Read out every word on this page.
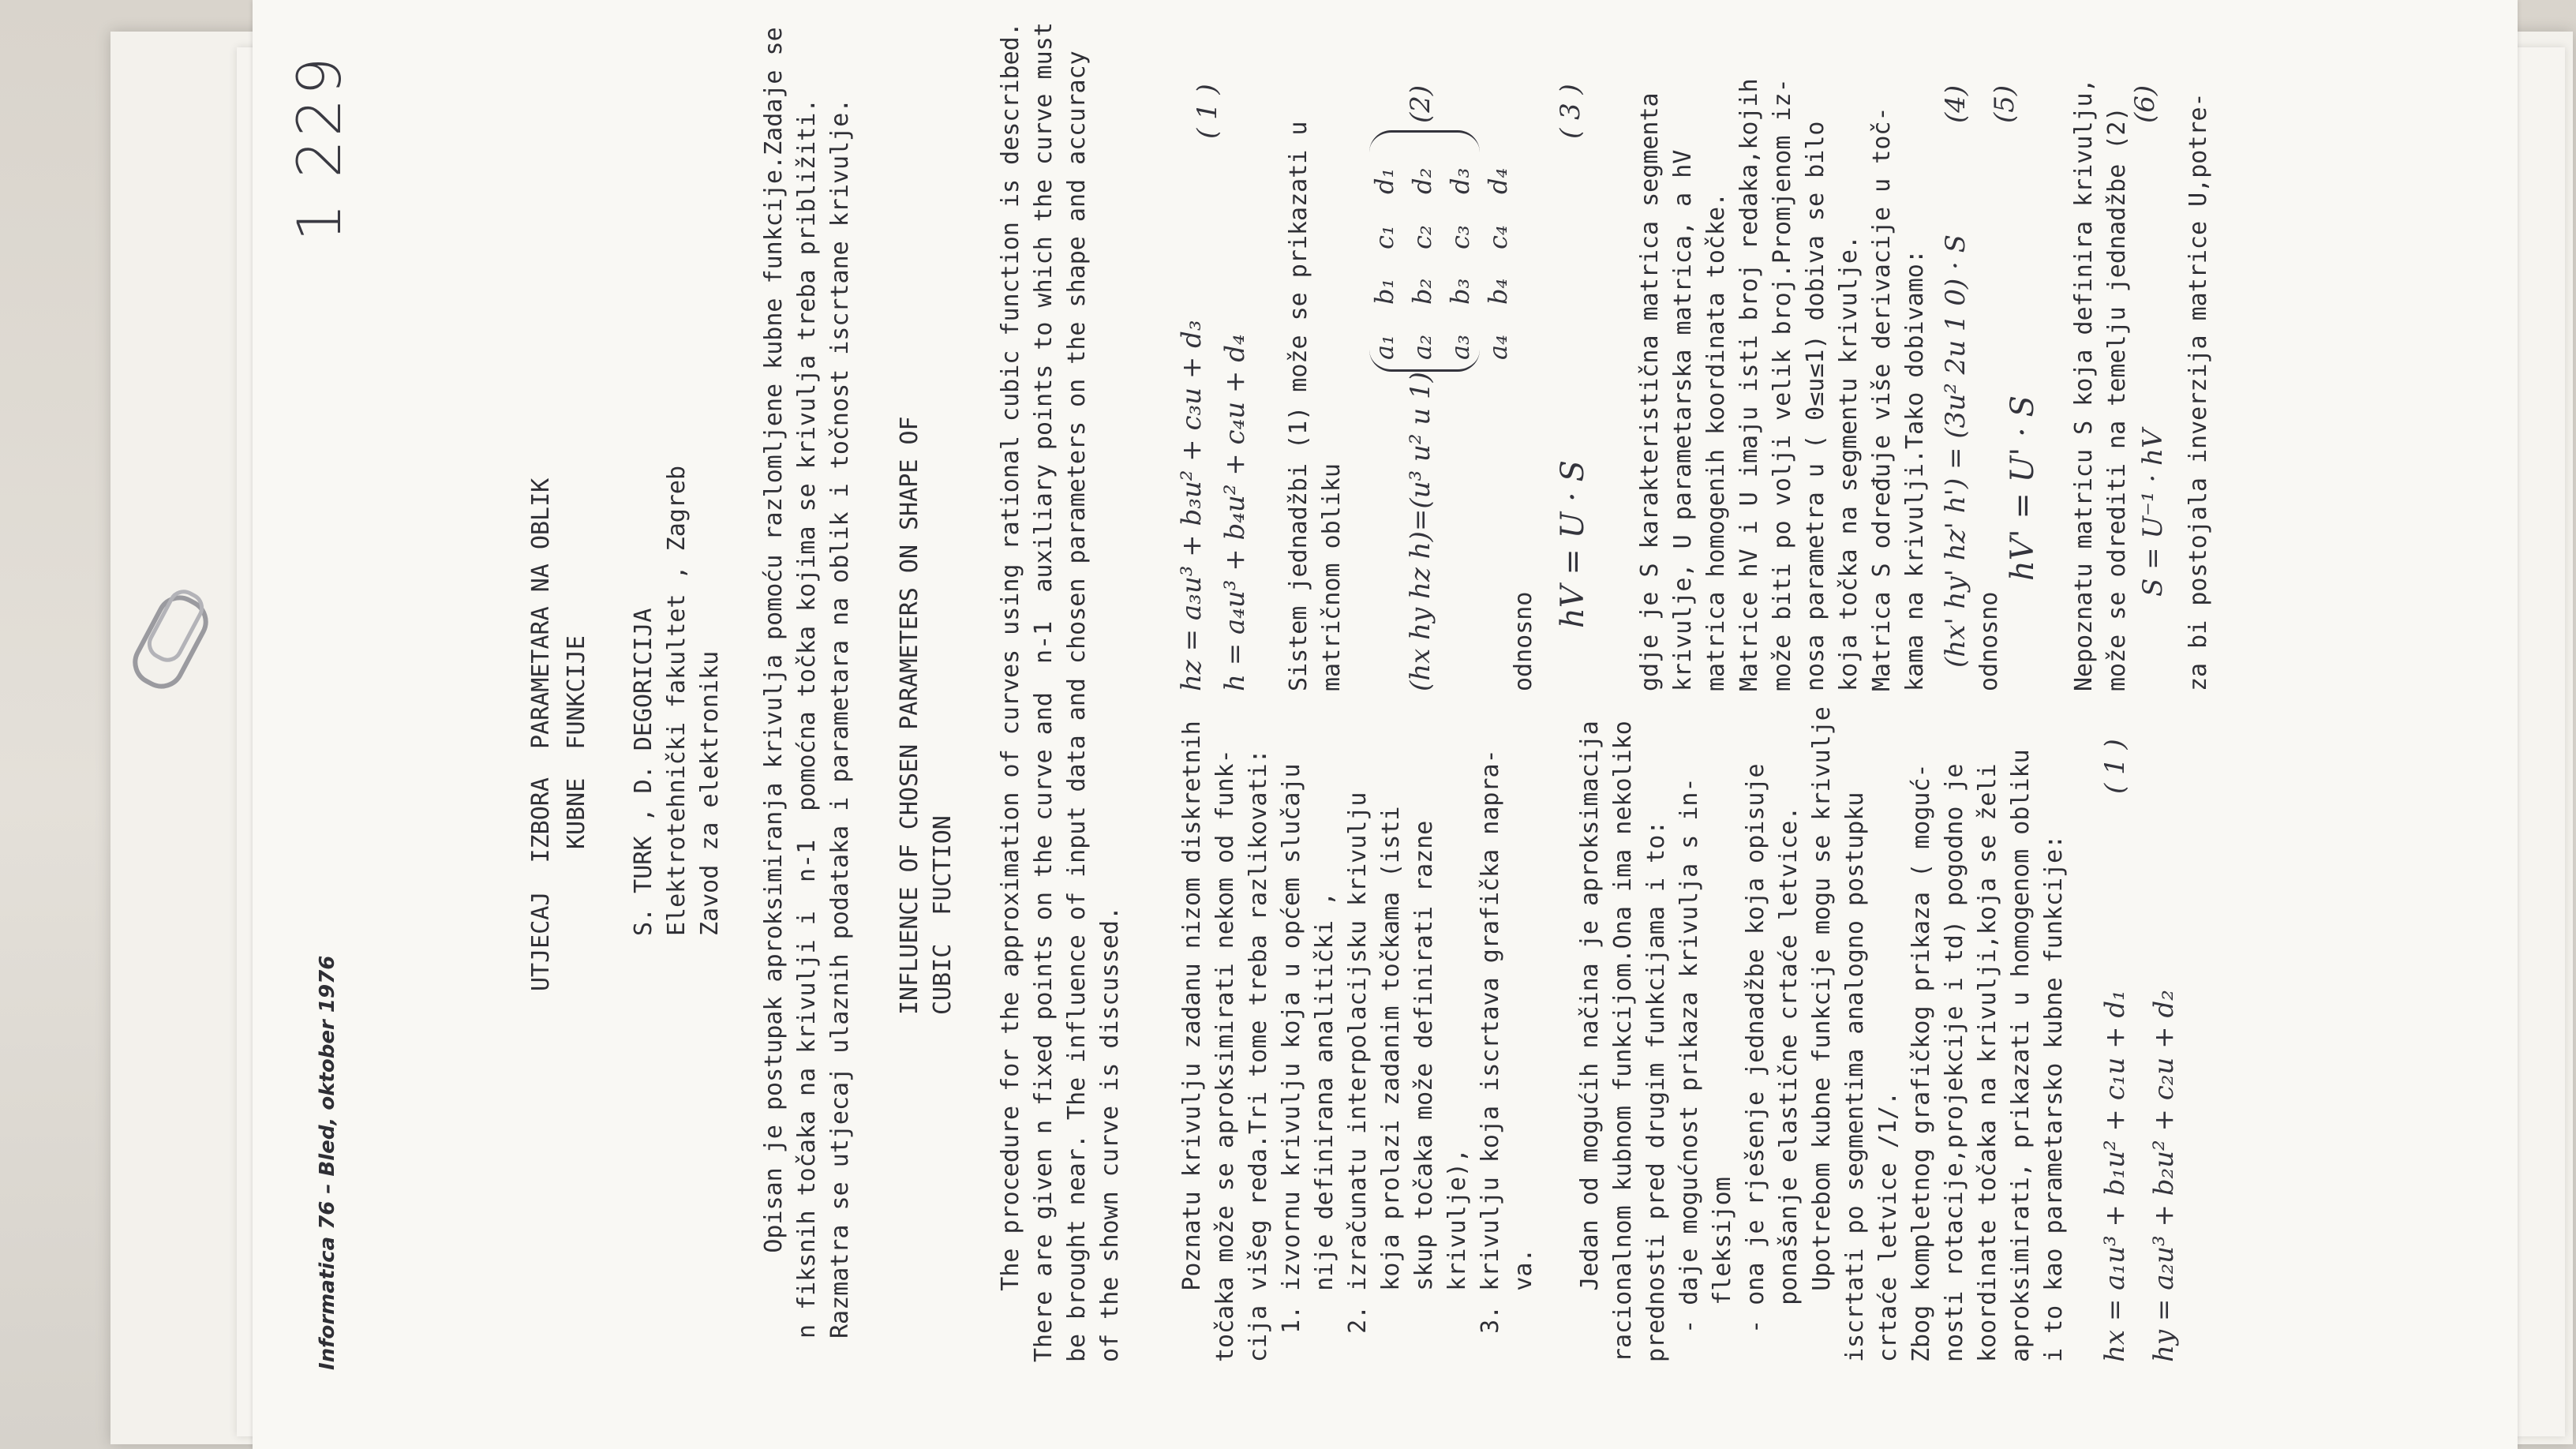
Informatica 76 – Bled, oktober 1976
1 229
UTJECAJ  IZBORA  PARAMETARA NA OBLIK KUBNE  FUNKCIJE S. TURK , D. DEGORICIJA Elektrotehnički fakultet , Zagreb Zavod za elektroniku Opisan je postupak aproksimiranja krivulja pomoću razlomljene kubne funkcije.Zadaje se n fiksnih točaka na krivulji i  n-1  pomoćna točka kojima se krivulja treba približiti. Razmatra se utjecaj ulaznih podataka i parametara na oblik i točnost iscrtane krivulje. INFLUENCE OF CHOSEN PARAMETERS ON SHAPE OF CUBIC  FUCTION The procedure for the approximation of curves using rational cubic function is described. There are given n fixed points on the curve and  n-1  auxiliary points to which the curve must be brought near. The influence of input data and chosen parameters on the shape and accuracy of the shown curve is discussed. Poznatu krivulju zadanu nizom diskretnih točaka može se aproksimirati nekom od funk- cija višeg reda.Tri tome treba razlikovati: 1. izvornu krivulju koja u općem slučaju nije definirana analitički , 2. izračunatu interpolacijsku krivulju koja prolazi zadanim točkama (isti skup točaka može definirati razne krivulje), 3. krivulju koja iscrtava grafička napra- va. Jedan od mogućih načina je aproksimacija racionalnom kubnom funkcijom.Ona ima nekoliko prednosti pred drugim funkcijama i to: - daje mogućnost prikaza krivulja s in- fleksijom - ona je rješenje jednadžbe koja opisuje ponašanje elastične crtaće letvice. Upotrebom kubne funkcije mogu se krivulje iscrtati po segmentima analogno postupku crtaće letvice /1/. Zbog kompletnog grafičkog prikaza ( moguć- nosti rotacije,projekcije i td) pogodno je koordinate točaka na krivulji,koja se želi aproksimirati, prikazati u homogenom obliku i to kao parametarsko kubne funkcije: hx = a₁u³ + b₁u² + c₁u + d₁ hy = a₂u³ + b₂u² + c₂u + d₂
( 1 )
hz = a₃u³ + b₃u² + c₃u + d₃ h = a₄u³ + b₄u² + c₄u + d₄
( 1 )
Sistem jednadžbi (1) može se prikazati u matričnom obliku (hx hy hz h)=(u³ u² u 1)
a₁
b₁
c₁
d₁
a₂
b₂
c₂
d₂
a₃
b₃
c₃
d₃
a₄
b₄
c₄
d₄
(2)
odnosno
hV = U · S
( 3 ) gdje je S karakteristična matrica segmenta krivulje, U parametarska matrica, a hV matrica homogenih koordinata točke. Matrice hV i U imaju isti broj redaka,kojih može biti po volji velik broj.Promjenom iz- nosa parametra u ( 0≤u≤1) dobiva se bilo koja točka na segmentu krivulje. Matrica S određuje više derivacije u toč- kama na krivulji.Tako dobivamo: (hx' hy' hz' h') = (3u² 2u 1 0) · S
(4)
odnosno
hV' = U' · S
(5) Nepoznatu matricu S koja definira krivulju, može se odrediti na temelju jednadžbe (2) S = U⁻¹ · hV
(6) za bi postojala inverzija matrice U,potre-
